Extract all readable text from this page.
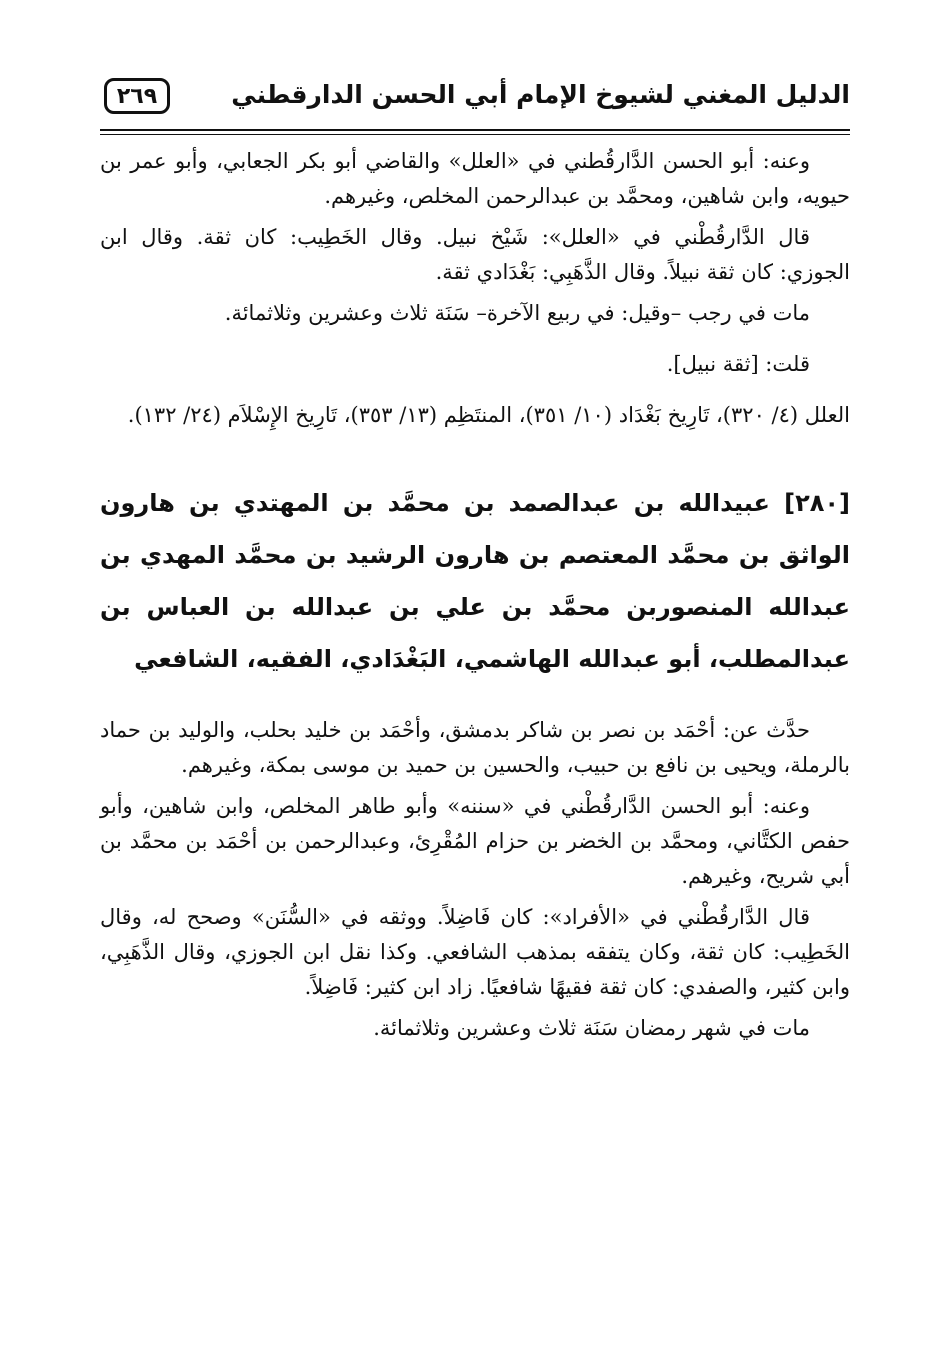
الدليل المغني لشيوخ الإمام أبي الحسن الدارقطني
٢٦٩

وعنه: أبو الحسن الدَّارقُطني في «العلل» والقاضي أبو بكر الجعابي، وأبو عمر بن حيويه، وابن شاهين، ومحمَّد بن عبدالرحمن المخلص، وغيرهم.

قال الدَّارقُطْني في «العلل»: شَيْخ نبيل. وقال الخَطِيب: كان ثقة. وقال ابن الجوزي: كان ثقة نبيلاً. وقال الذَّهَبِي: بَغْدَادي ثقة.

مات في رجب –وقيل: في ربيع الآخرة– سَنَة ثلاث وعشرين وثلاثمائة.

قلت: [ثقة نبيل].

العلل (٤/ ٣٢٠)، تَارِيخ بَغْدَاد (١٠/ ٣٥١)، المنتَظِم (١٣/ ٣٥٣)، تَارِيخ الإِسْلاَم (٢٤/ ١٣٢).

[٢٨٠] عبيدالله بن عبدالصمد بن محمَّد بن المهتدي بن هارون الواثق بن محمَّد المعتصم بن هارون الرشيد بن محمَّد المهدي بن عبدالله المنصوربن محمَّد بن علي بن عبدالله بن العباس بن عبدالمطلب، أبو عبدالله الهاشمي، البَغْدَادي، الفقيه، الشافعي

حدَّث عن: أحْمَد بن نصر بن شاكر بدمشق، وأحْمَد بن خليد بحلب، والوليد بن حماد بالرملة، ويحيى بن نافع بن حبيب، والحسين بن حميد بن موسى بمكة، وغيرهم.

وعنه: أبو الحسن الدَّارقُطْني في «سننه» وأبو طاهر المخلص، وابن شاهين، وأبو حفص الكتَّاني، ومحمَّد بن الخضر بن حزام المُقْرِئ، وعبدالرحمن بن أحْمَد بن محمَّد بن أبي شريح، وغيرهم.

قال الدَّارقُطْني في «الأفراد»: كان فَاضِلاً. ووثقه في «السُّنَن» وصحح له، وقال الخَطِيب: كان ثقة، وكان يتفقه بمذهب الشافعي. وكذا نقل ابن الجوزي، وقال الذَّهَبِي، وابن كثير، والصفدي: كان ثقة فقيهًا شافعيًا. زاد ابن كثير: فَاضِلاً.

مات في شهر رمضان سَنَة ثلاث وعشرين وثلاثمائة.
